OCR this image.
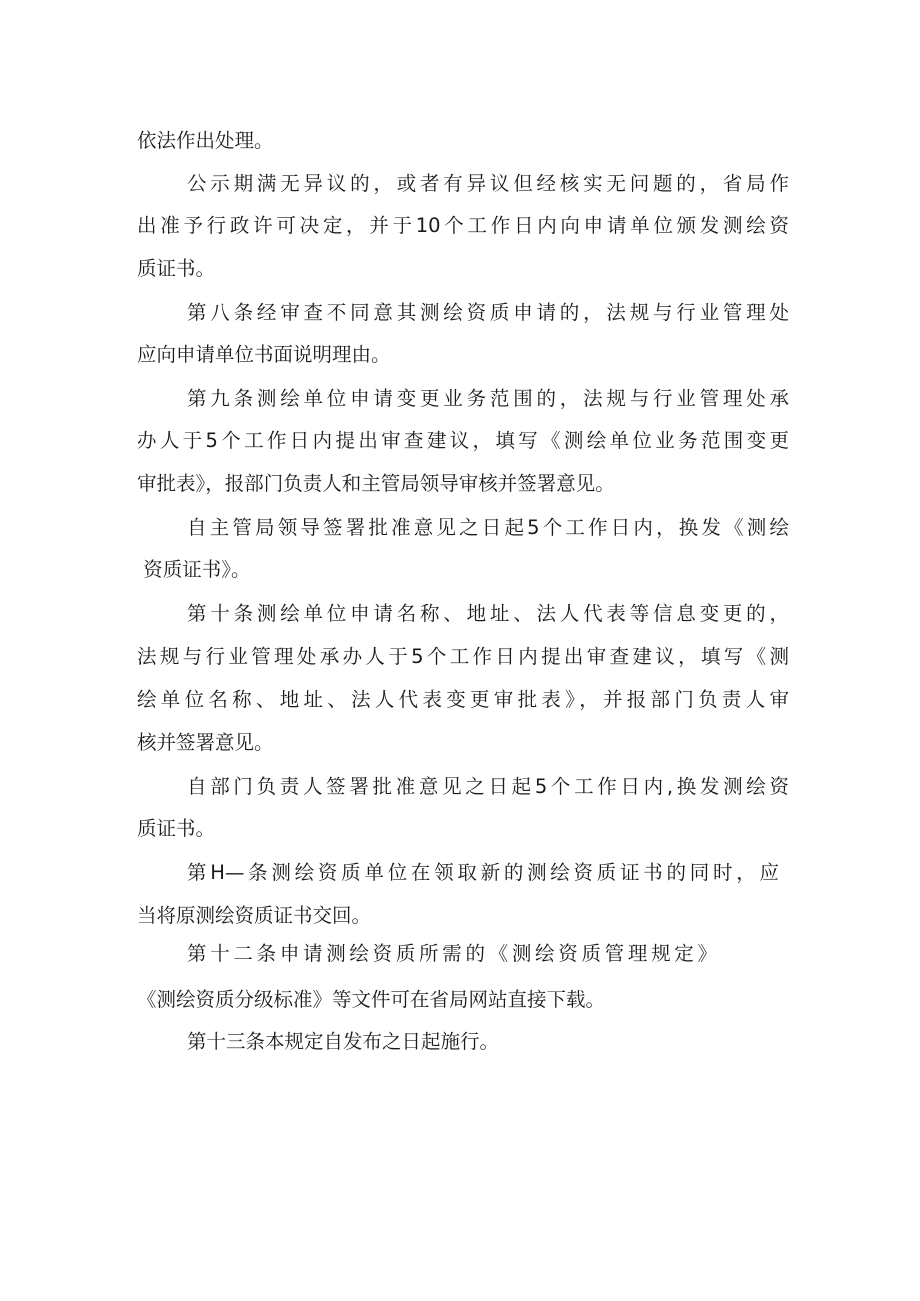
依法作出处理。
公示期满无异议的，或者有异议但经核实无问题的，省局作
出准予行政许可决定，并于10个工作日内向申请单位颁发测绘资
质证书。
第八条经审查不同意其测绘资质申请的，法规与行业管理处
应向申请单位书面说明理由。
第九条测绘单位申请变更业务范围的，法规与行业管理处承
办人于5个工作日内提出审查建议，填写《测绘单位业务范围变更
审批表》，报部门负责人和主管局领导审核并签署意见。
自主管局领导签署批准意见之日起5个工作日内，换发《测绘
资质证书》。
第十条测绘单位申请名称、地址、法人代表等信息变更的，
法规与行业管理处承办人于5个工作日内提出审查建议，填写《测
绘单位名称、地址、法人代表变更审批表》，并报部门负责人审
核并签署意见。
自部门负责人签署批准意见之日起5个工作日内,换发测绘资
质证书。
第H—条测绘资质单位在领取新的测绘资质证书的同时，应
当将原测绘资质证书交回。
第十二条申请测绘资质所需的《测绘资质管理规定》
《测绘资质分级标准》等文件可在省局网站直接下载。
第十三条本规定自发布之日起施行。
